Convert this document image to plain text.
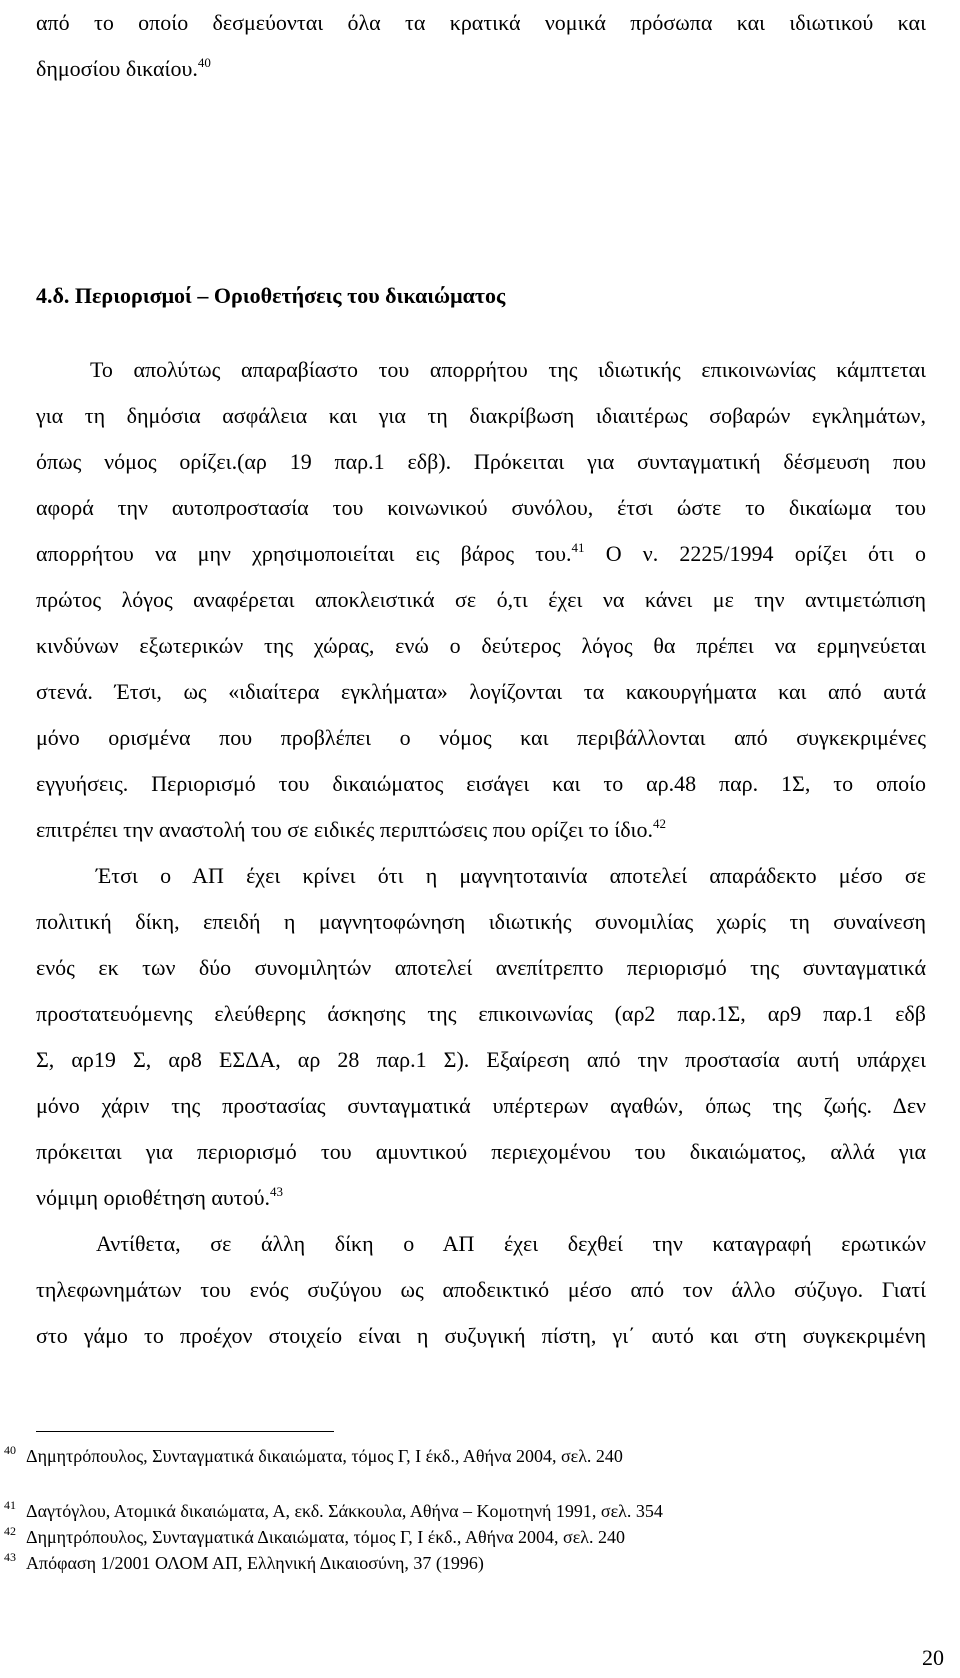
από το οποίο δεσμεύονται όλα τα κρατικά νομικά πρόσωπα και ιδιωτικού και
δημοσίου δικαίου.$^{40}$
4.δ. Περιορισμοί – Οριοθετήσεις του δικαιώματος
Το απολύτως απαραβίαστο του απορρήτου της ιδιωτικής επικοινωνίας κάμπτεται
για τη δημόσια ασφάλεια και για τη διακρίβωση ιδιαιτέρως σοβαρών εγκλημάτων,
όπως νόμος ορίζει.(αρ 19 παρ.1 εδβ). Πρόκειται για συνταγματική δέσμευση που
αφορά την αυτοπροστασία του κοινωνικού συνόλου, έτσι ώστε το δικαίωμα του
απορρήτου να μην χρησιμοποιείται εις βάρος του.$^{41}$ Ο ν. 2225/1994 ορίζει ότι ο
πρώτος λόγος αναφέρεται αποκλειστικά σε ό,τι έχει να κάνει με την αντιμετώπιση
κινδύνων εξωτερικών της χώρας, ενώ ο δεύτερος λόγος θα πρέπει να ερμηνεύεται
στενά. Έτσι, ως «ιδιαίτερα εγκλήματα» λογίζονται τα κακουργήματα και από αυτά
μόνο ορισμένα που προβλέπει ο νόμος και περιβάλλονται από συγκεκριμένες
εγγυήσεις. Περιορισμό του δικαιώματος εισάγει και το αρ.48 παρ. 1Σ, το οποίο
επιτρέπει την αναστολή του σε ειδικές περιπτώσεις που ορίζει το ίδιο.$^{42}$
Έτσι ο ΑΠ έχει κρίνει ότι η μαγνητοταινία αποτελεί απαράδεκτο μέσο σε
πολιτική δίκη, επειδή η μαγνητοφώνηση ιδιωτικής συνομιλίας χωρίς τη συναίνεση
ενός εκ των δύο συνομιλητών αποτελεί ανεπίτρεπτο περιορισμό της συνταγματικά
προστατευόμενης ελεύθερης άσκησης της επικοινωνίας (αρ2 παρ.1Σ, αρ9 παρ.1 εδβ
Σ, αρ19 Σ, αρ8 ΕΣΔΑ, αρ 28 παρ.1 Σ). Εξαίρεση από την προστασία αυτή υπάρχει
μόνο χάριν της προστασίας συνταγματικά υπέρτερων αγαθών, όπως της ζωής. Δεν
πρόκειται για περιορισμό του αμυντικού περιεχομένου του δικαιώματος, αλλά για
νόμιμη οριοθέτηση αυτού.$^{43}$
Αντίθετα, σε άλλη δίκη ο ΑΠ έχει δεχθεί την καταγραφή ερωτικών
τηλεφωνημάτων του ενός συζύγου ως αποδεικτικό μέσο από τον άλλο σύζυγο. Γιατί
στο γάμο το προέχον στοιχείο είναι η συζυγική πίστη, γι΄ αυτό και στη συγκεκριμένη
40 Δημητρόπουλος, Συνταγματικά δικαιώματα, τόμος Γ, Ι έκδ., Αθήνα 2004, σελ. 240
41 Δαγτόγλου, Ατομικά δικαιώματα, Α, εκδ. Σάκκουλα, Αθήνα – Κομοτηνή 1991, σελ. 354
42 Δημητρόπουλος, Συνταγματικά Δικαιώματα, τόμος Γ, Ι έκδ., Αθήνα 2004, σελ. 240
43 Απόφαση 1/2001 ΟΛΟΜ ΑΠ, Ελληνική Δικαιοσύνη, 37 (1996)
20
